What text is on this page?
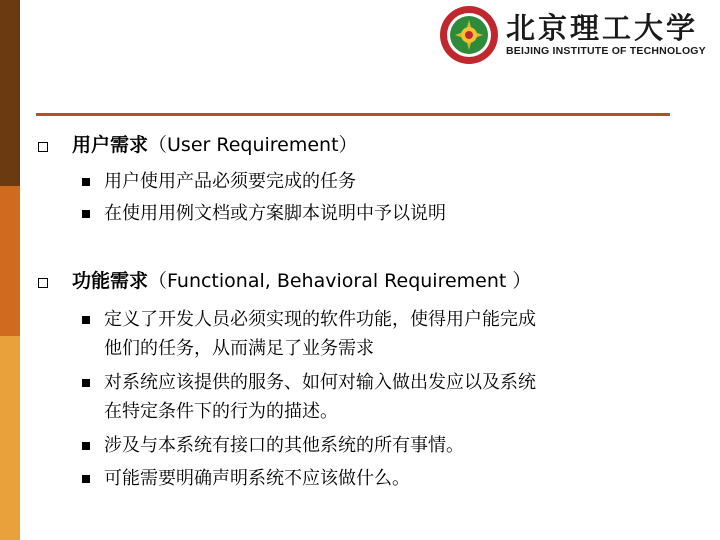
北京理工大学
BEIJING INSTITUTE OF TECHNOLOGY
用户需求（User Requirement）
用户使用产品必须要完成的任务
在使用用例文档或方案脚本说明中予以说明
功能需求（Functional, Behavioral Requirement ）
定义了开发人员必须实现的软件功能，使得用户能完成
他们的任务，从而满足了业务需求
对系统应该提供的服务、如何对输入做出发应以及系统
在特定条件下的行为的描述。
涉及与本系统有接口的其他系统的所有事情。
可能需要明确声明系统不应该做什么。
